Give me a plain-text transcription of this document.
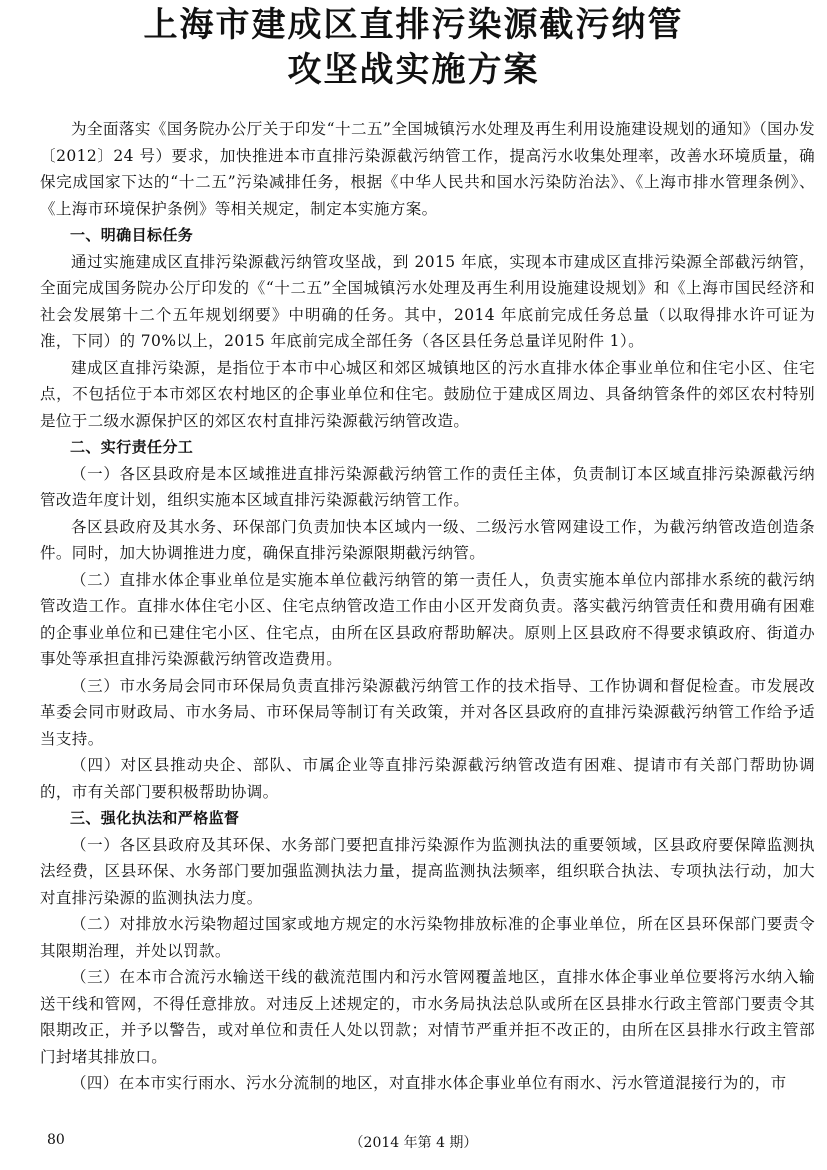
上海市建成区直排污染源截污纳管
攻坚战实施方案

为全面落实《国务院办公厅关于印发“十二五”全国城镇污水处理及再生利用设施建设规划的通知》（国办发〔2012〕24 号）要求，加快推进本市直排污染源截污纳管工作，提高污水收集处理率，改善水环境质量，确保完成国家下达的“十二五”污染减排任务，根据《中华人民共和国水污染防治法》、《上海市排水管理条例》、《上海市环境保护条例》等相关规定，制定本实施方案。

一、明确目标任务

通过实施建成区直排污染源截污纳管攻坚战，到 2015 年底，实现本市建成区直排污染源全部截污纳管，全面完成国务院办公厅印发的《“十二五”全国城镇污水处理及再生利用设施建设规划》和《上海市国民经济和社会发展第十二个五年规划纲要》中明确的任务。其中，2014 年底前完成任务总量（以取得排水许可证为准，下同）的 70%以上，2015 年底前完成全部任务（各区县任务总量详见附件 1）。

建成区直排污染源，是指位于本市中心城区和郊区城镇地区的污水直排水体企事业单位和住宅小区、住宅点，不包括位于本市郊区农村地区的企事业单位和住宅。鼓励位于建成区周边、具备纳管条件的郊区农村特别是位于二级水源保护区的郊区农村直排污染源截污纳管改造。

二、实行责任分工

（一）各区县政府是本区域推进直排污染源截污纳管工作的责任主体，负责制订本区域直排污染源截污纳管改造年度计划，组织实施本区域直排污染源截污纳管工作。

各区县政府及其水务、环保部门负责加快本区域内一级、二级污水管网建设工作，为截污纳管改造创造条件。同时，加大协调推进力度，确保直排污染源限期截污纳管。

（二）直排水体企事业单位是实施本单位截污纳管的第一责任人，负责实施本单位内部排水系统的截污纳管改造工作。直排水体住宅小区、住宅点纳管改造工作由小区开发商负责。落实截污纳管责任和费用确有困难的企事业单位和已建住宅小区、住宅点，由所在区县政府帮助解决。原则上区县政府不得要求镇政府、街道办事处等承担直排污染源截污纳管改造费用。

（三）市水务局会同市环保局负责直排污染源截污纳管工作的技术指导、工作协调和督促检查。市发展改革委会同市财政局、市水务局、市环保局等制订有关政策，并对各区县政府的直排污染源截污纳管工作给予适当支持。

（四）对区县推动央企、部队、市属企业等直排污染源截污纳管改造有困难、提请市有关部门帮助协调的，市有关部门要积极帮助协调。

三、强化执法和严格监督

（一）各区县政府及其环保、水务部门要把直排污染源作为监测执法的重要领域，区县政府要保障监测执法经费，区县环保、水务部门要加强监测执法力量，提高监测执法频率，组织联合执法、专项执法行动，加大对直排污染源的监测执法力度。

（二）对排放水污染物超过国家或地方规定的水污染物排放标准的企事业单位，所在区县环保部门要责令其限期治理，并处以罚款。

（三）在本市合流污水输送干线的截流范围内和污水管网覆盖地区，直排水体企事业单位要将污水纳入输送干线和管网，不得任意排放。对违反上述规定的，市水务局执法总队或所在区县排水行政主管部门要责令其限期改正，并予以警告，或对单位和责任人处以罚款；对情节严重并拒不改正的，由所在区县排水行政主管部门封堵其排放口。

（四）在本市实行雨水、污水分流制的地区，对直排水体企事业单位有雨水、污水管道混接行为的，市

80	（2014 年第 4 期）
